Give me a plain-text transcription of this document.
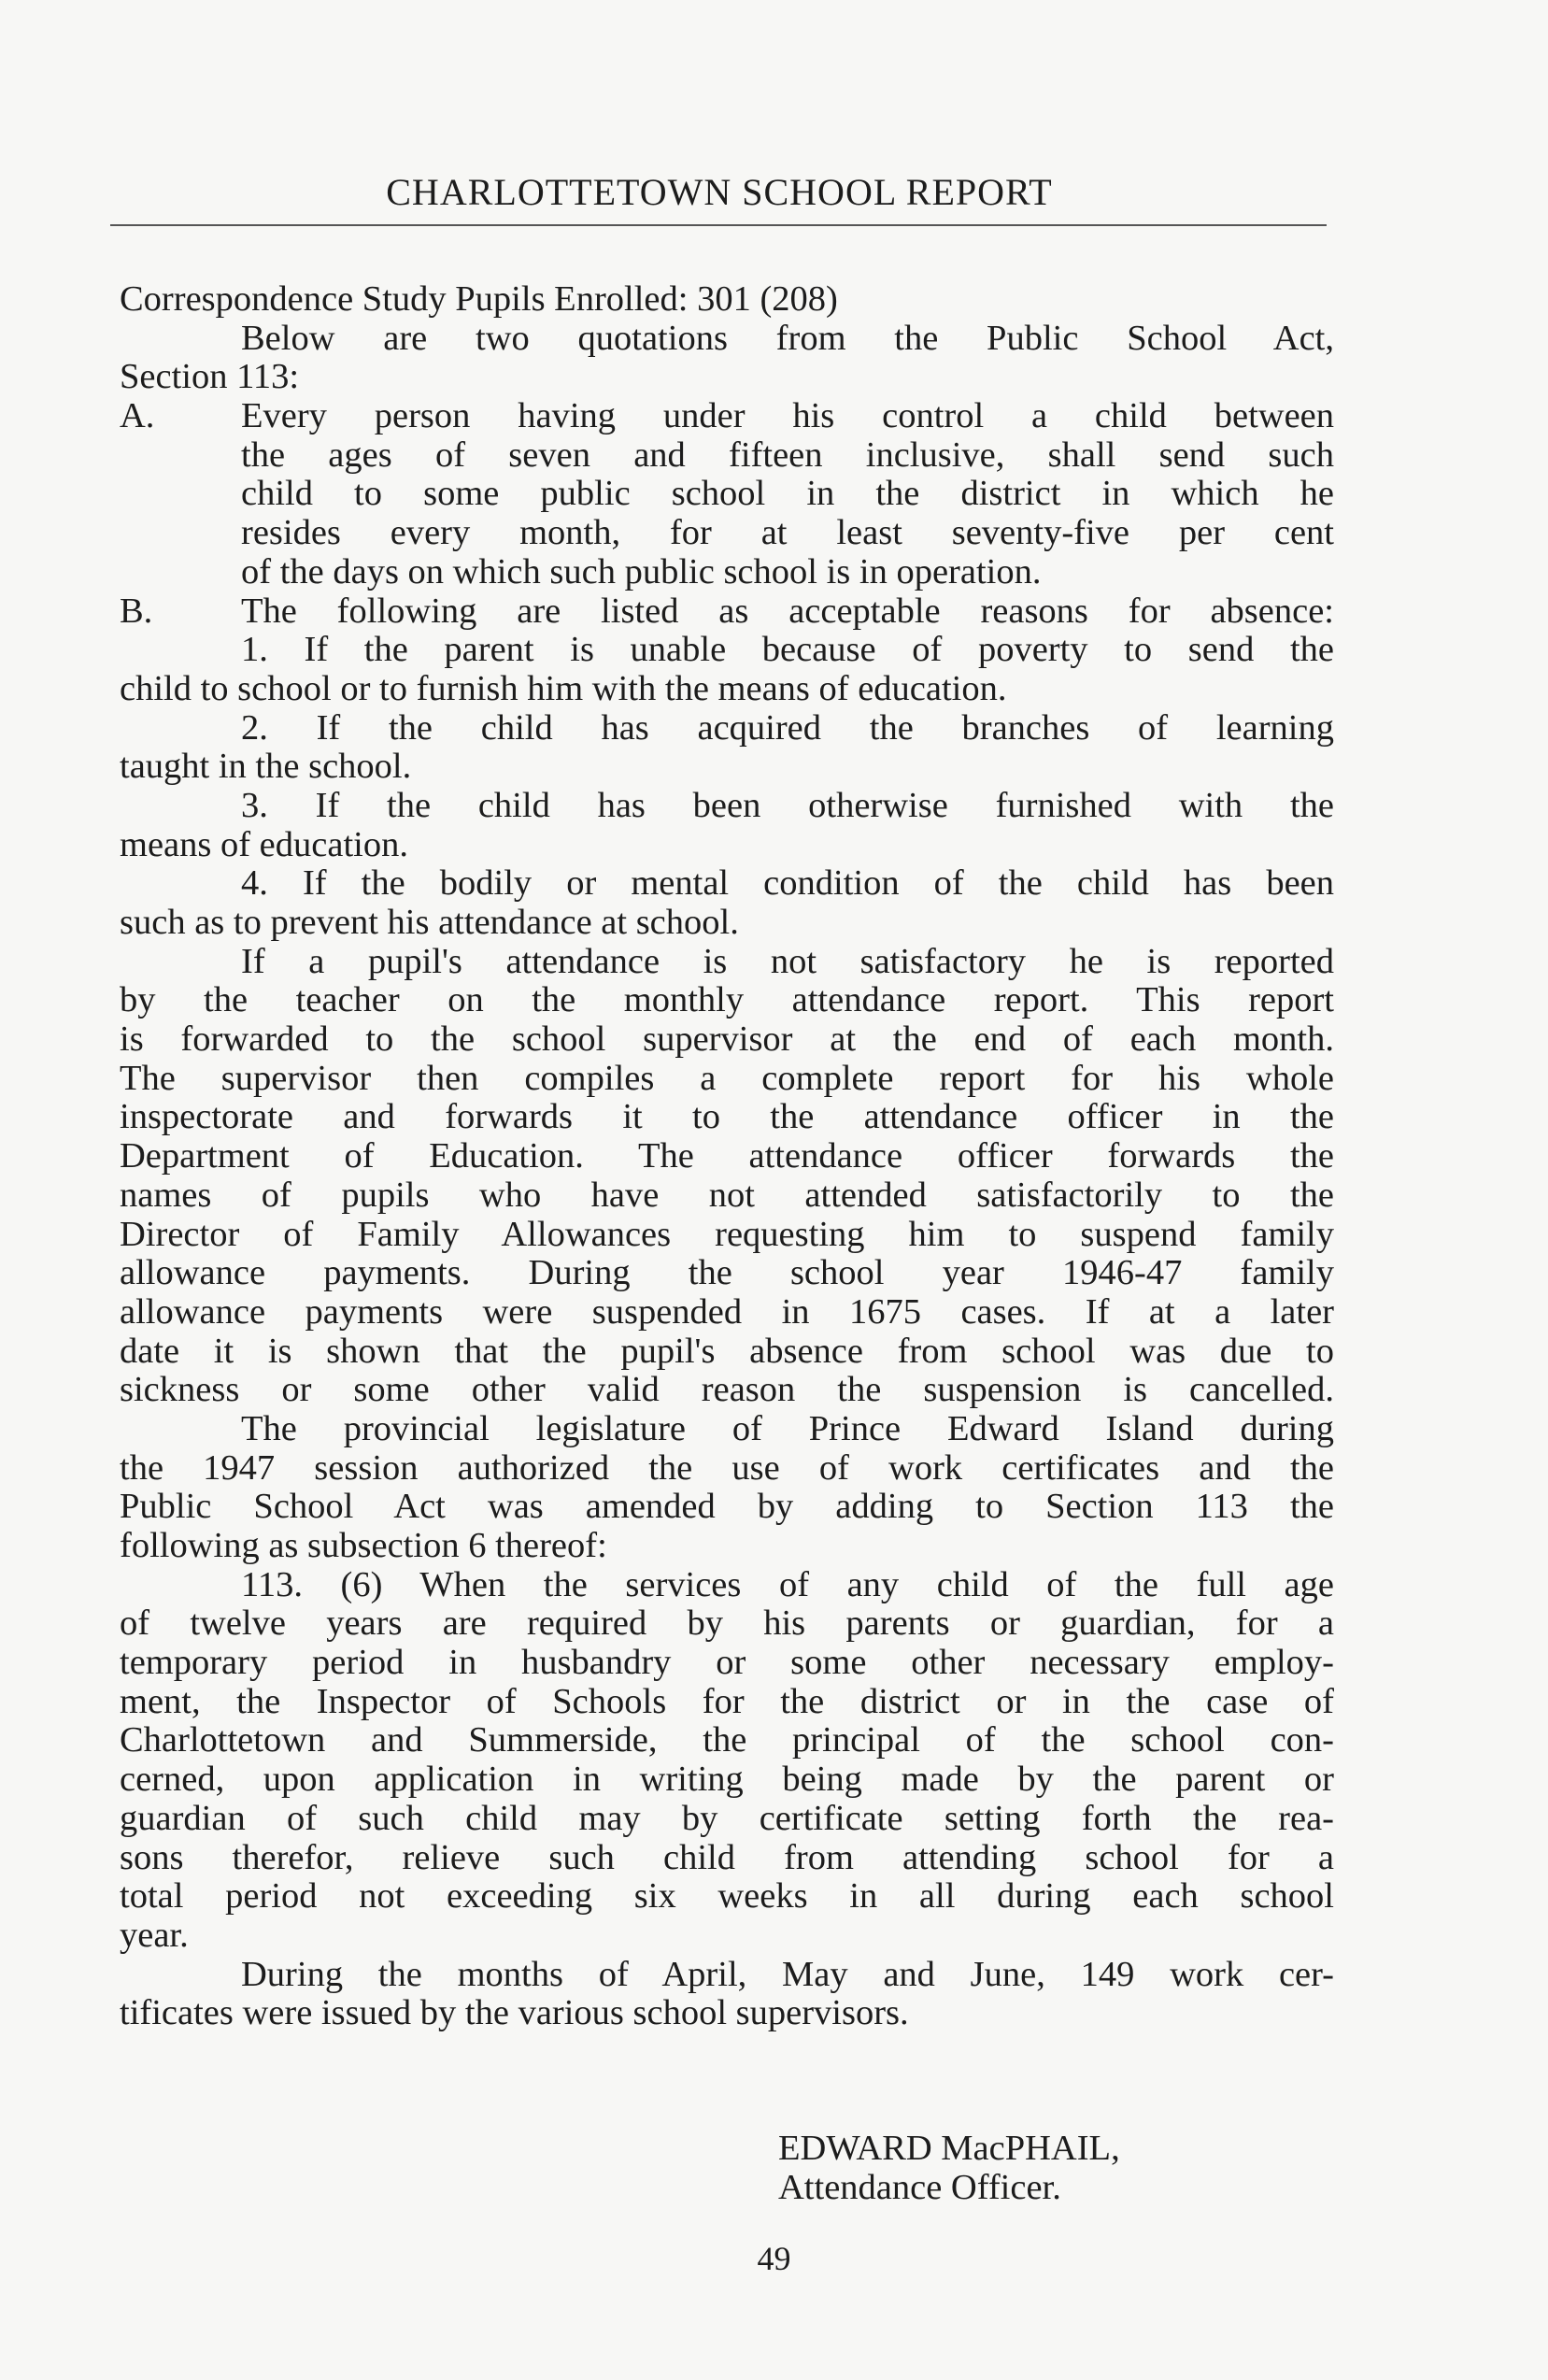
CHARLOTTETOWN SCHOOL REPORT
Correspondence Study Pupils Enrolled: 301 (208)
Below are two quotations from the Public School Act,
Section 113:
A.	Every person having under his control a child between
the ages of seven and fifteen inclusive, shall send such
child to some public school in the district in which he
resides every month, for at least seventy-five per cent
of the days on which such public school is in operation.
B.	The following are listed as acceptable reasons for absence:
1. If the parent is unable because of poverty to send the
child to school or to furnish him with the means of education.
2. If the child has acquired the branches of learning
taught in the school.
3. If the child has been otherwise furnished with the
means of education.
4. If the bodily or mental condition of the child has been
such as to prevent his attendance at school.
If a pupil's attendance is not satisfactory he is reported
by the teacher on the monthly attendance report. This report
is forwarded to the school supervisor at the end of each month.
The supervisor then compiles a complete report for his whole
inspectorate and forwards it to the attendance officer in the
Department of Education. The attendance officer forwards the
names of pupils who have not attended satisfactorily to the
Director of Family Allowances requesting him to suspend family
allowance payments. During the school year 1946-47 family
allowance payments were suspended in 1675 cases. If at a later
date it is shown that the pupil's absence from school was due to
sickness or some other valid reason the suspension is cancelled.
The provincial legislature of Prince Edward Island during
the 1947 session authorized the use of work certificates and the
Public School Act was amended by adding to Section 113 the
following as subsection 6 thereof:
113. (6) When the services of any child of the full age
of twelve years are required by his parents or guardian, for a
temporary period in husbandry or some other necessary employ-
ment, the Inspector of Schools for the district or in the case of
Charlottetown and Summerside, the principal of the school con-
cerned, upon application in writing being made by the parent or
guardian of such child may by certificate setting forth the rea-
sons therefor, relieve such child from attending school for a
total period not exceeding six weeks in all during each school
year.
During the months of April, May and June, 149 work cer-
tificates were issued by the various school supervisors.
EDWARD MacPHAIL,
Attendance Officer.
49
